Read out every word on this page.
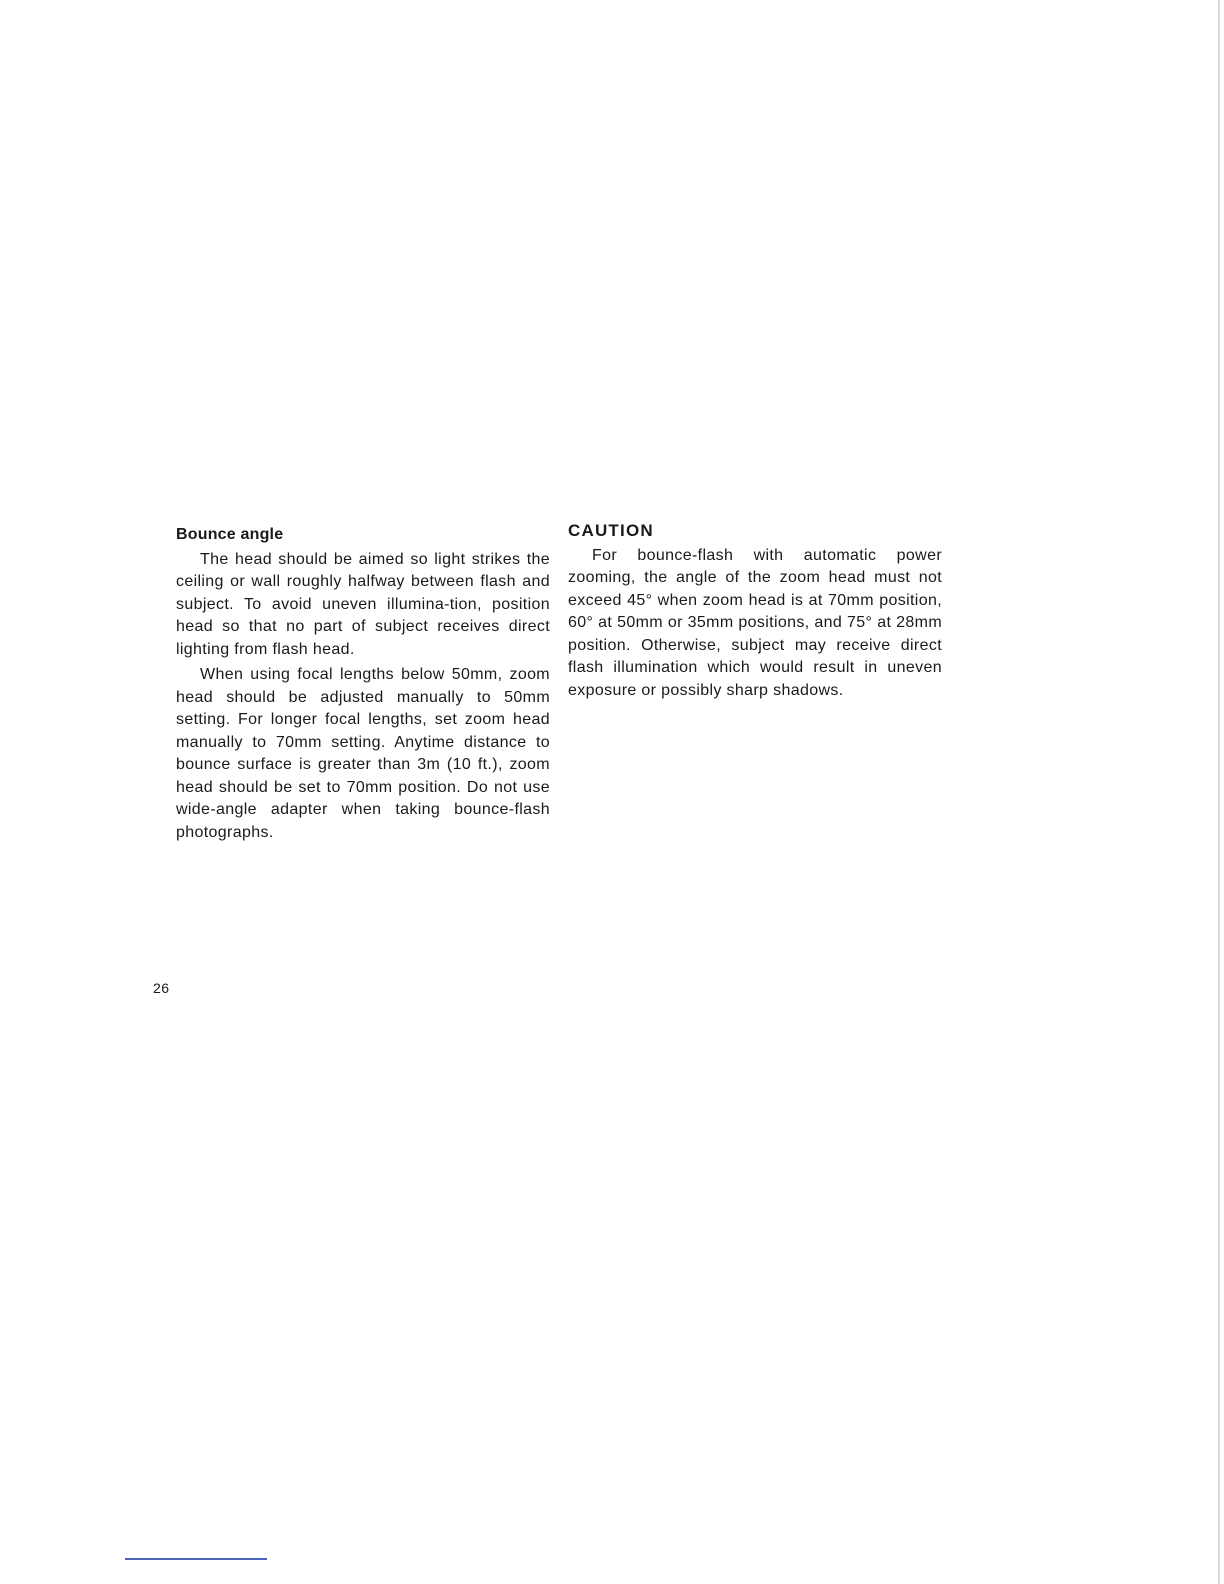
Bounce angle

The head should be aimed so light strikes the ceiling or wall roughly halfway between flash and subject. To avoid uneven illumina-tion, position head so that no part of subject receives direct lighting from flash head.

When using focal lengths below 50mm, zoom head should be adjusted manually to 50mm setting. For longer focal lengths, set zoom head manually to 70mm setting. Anytime distance to bounce surface is greater than 3m (10 ft.), zoom head should be set to 70mm position. Do not use wide-angle adapter when taking bounce-flash photographs.

CAUTION

For bounce-flash with automatic power zooming, the angle of the zoom head must not exceed 45° when zoom head is at 70mm position, 60° at 50mm or 35mm positions, and 75° at 28mm position. Otherwise, subject may receive direct flash illumination which would result in uneven exposure or possibly sharp shadows.

26
